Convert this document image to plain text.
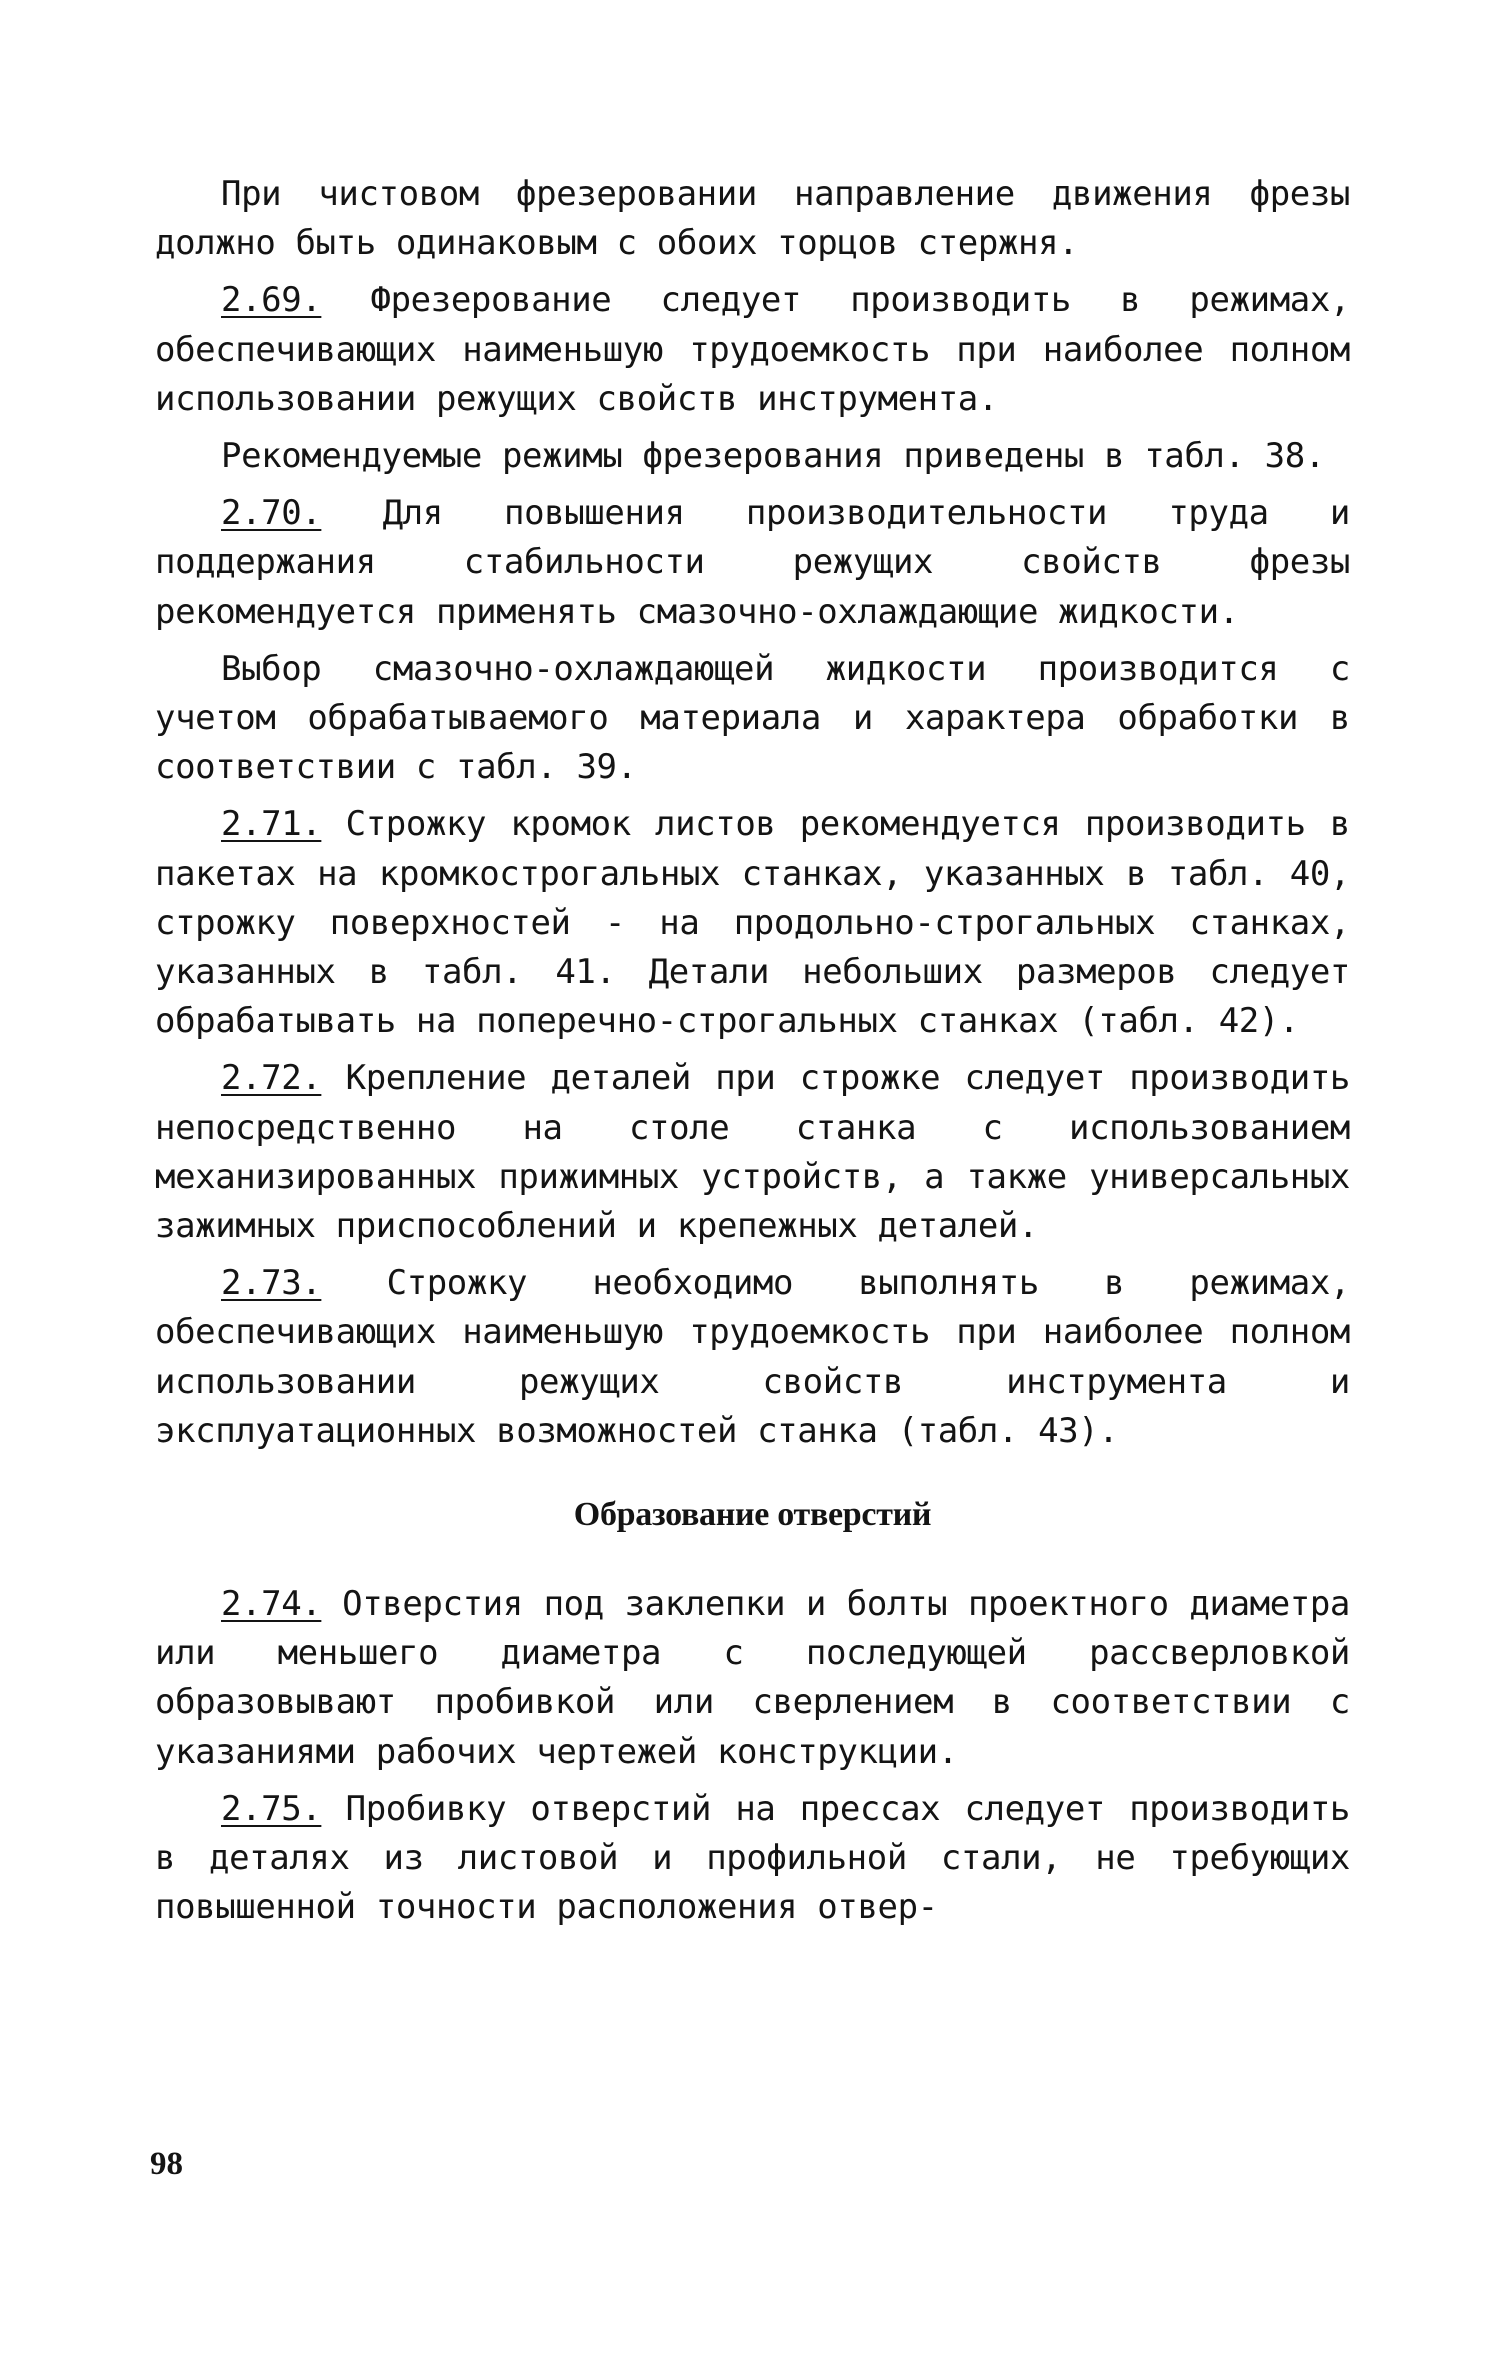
При чистовом фрезеровании направление движения фрезы должно быть одинаковым с обоих торцов стержня.

2.69. Фрезерование следует производить в режимах, обеспечивающих наименьшую трудоемкость при наиболее полном использовании режущих свойств инструмента.

Рекомендуемые режимы фрезерования приведены в табл. 38.

2.70. Для повышения производительности труда и поддержания стабильности режущих свойств фрезы рекомендуется применять смазочно-охлаждающие жидкости.

Выбор смазочно-охлаждающей жидкости производится с учетом обрабатываемого материала и характера обработки в соответствии с табл. 39.

2.71. Строжку кромок листов рекомендуется производить в пакетах на кромкострогальных станках, указанных в табл. 40, строжку поверхностей - на продольно-строгальных станках, указанных в табл. 41. Детали небольших размеров следует обрабатывать на поперечно-строгальных станках (табл. 42).

2.72. Крепление деталей при строжке следует производить непосредственно на столе станка с использованием механизированных прижимных устройств, а также универсальных зажимных приспособлений и крепежных деталей.

2.73. Строжку необходимо выполнять в режимах, обеспечивающих наименьшую трудоемкость при наиболее полном использовании режущих свойств инструмента и эксплуатационных возможностей станка (табл. 43).

Образование отверстий

2.74. Отверстия под заклепки и болты проектного диаметра или меньшего диаметра с последующей рассверловкой образовывают пробивкой или сверлением в соответствии с указаниями рабочих чертежей конструкции.

2.75. Пробивку отверстий на прессах следует производить в деталях из листовой и профильной стали, не требующих повышенной точности расположения отвер-

98
